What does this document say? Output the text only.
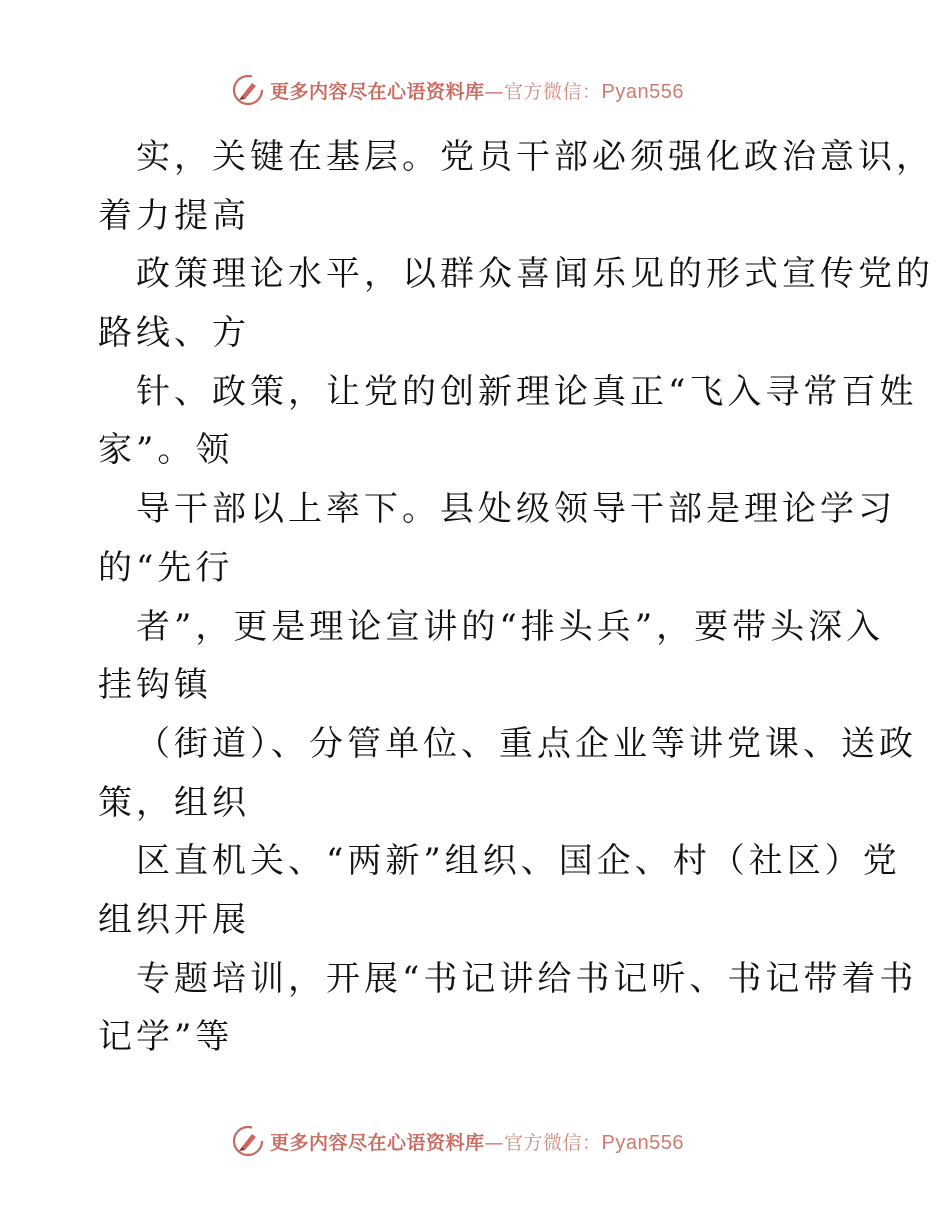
更多内容尽在心语资料库—官方微信：Pyan556
实，关键在基层。党员干部必须强化政治意识，
着力提高
政策理论水平，以群众喜闻乐见的形式宣传党的
路线、方
针、政策，让党的创新理论真正“飞入寻常百姓
家”。领
导干部以上率下。县处级领导干部是理论学习
的“先行
者”，更是理论宣讲的“排头兵”，要带头深入
挂钩镇
（街道）、分管单位、重点企业等讲党课、送政
策，组织
区直机关、“两新”组织、国企、村（社区）党
组织开展
专题培训，开展“书记讲给书记听、书记带着书
记学”等
更多内容尽在心语资料库—官方微信：Pyan556
